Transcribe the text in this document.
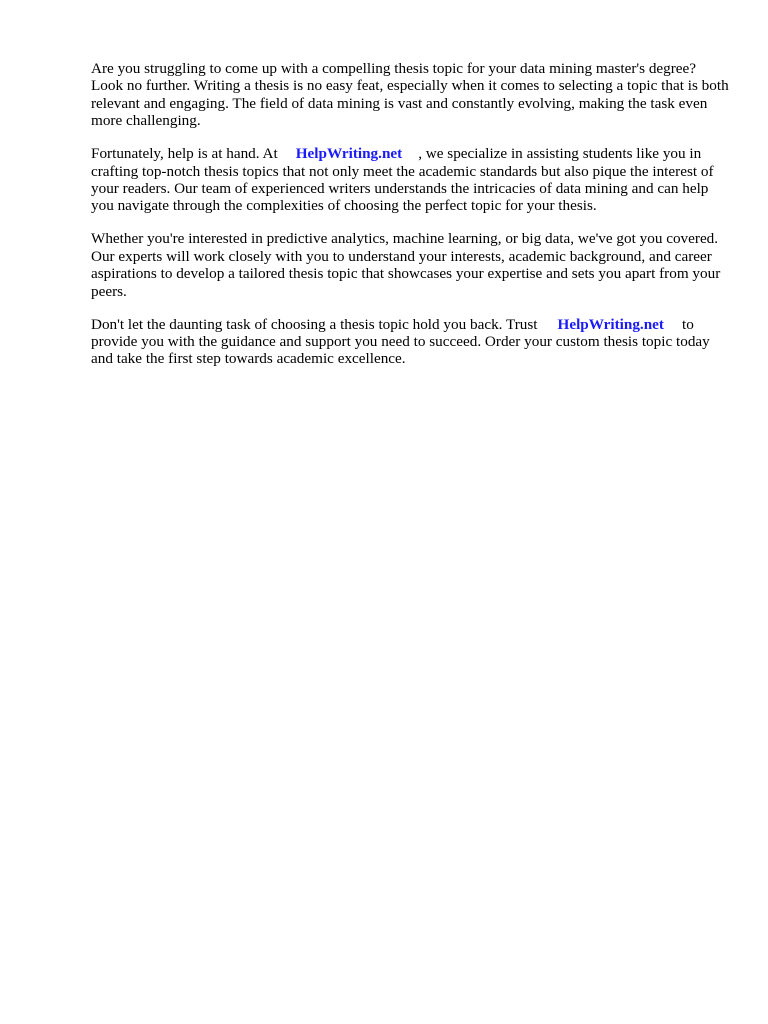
Are you struggling to come up with a compelling thesis topic for your data mining master's degree? Look no further. Writing a thesis is no easy feat, especially when it comes to selecting a topic that is both relevant and engaging. The field of data mining is vast and constantly evolving, making the task even more challenging.

Fortunately, help is at hand. At HelpWriting.net , we specialize in assisting students like you in crafting top-notch thesis topics that not only meet the academic standards but also pique the interest of your readers. Our team of experienced writers understands the intricacies of data mining and can help you navigate through the complexities of choosing the perfect topic for your thesis.

Whether you're interested in predictive analytics, machine learning, or big data, we've got you covered. Our experts will work closely with you to understand your interests, academic background, and career aspirations to develop a tailored thesis topic that showcases your expertise and sets you apart from your peers.

Don't let the daunting task of choosing a thesis topic hold you back. Trust HelpWriting.net to provide you with the guidance and support you need to succeed. Order your custom thesis topic today and take the first step towards academic excellence.
